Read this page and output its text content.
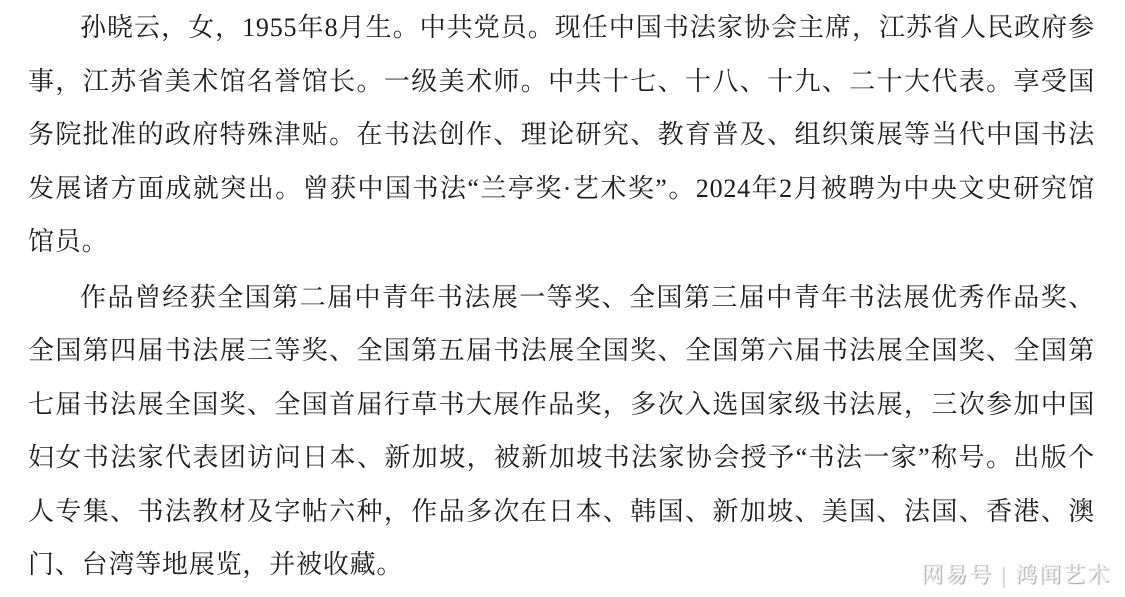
孙晓云，女，1955年8月生。中共党员。现任中国书法家协会主席，江苏省人民政府参事，江苏省美术馆名誉馆长。一级美术师。中共十七、十八、十九、二十大代表。享受国务院批准的政府特殊津贴。在书法创作、理论研究、教育普及、组织策展等当代中国书法发展诸方面成就突出。曾获中国书法“兰亭奖·艺术奖”。2024年2月被聘为中央文史研究馆馆员。

作品曾经获全国第二届中青年书法展一等奖、全国第三届中青年书法展优秀作品奖、全国第四届书法展三等奖、全国第五届书法展全国奖、全国第六届书法展全国奖、全国第七届书法展全国奖、全国首届行草书大展作品奖，多次入选国家级书法展，三次参加中国妇女书法家代表团访问日本、新加坡，被新加坡书法家协会授予“书法一家”称号。出版个人专集、书法教材及字帖六种，作品多次在日本、韩国、新加坡、美国、法国、香港、澳门、台湾等地展览，并被收藏。	网易号 | 鸿闻艺术
